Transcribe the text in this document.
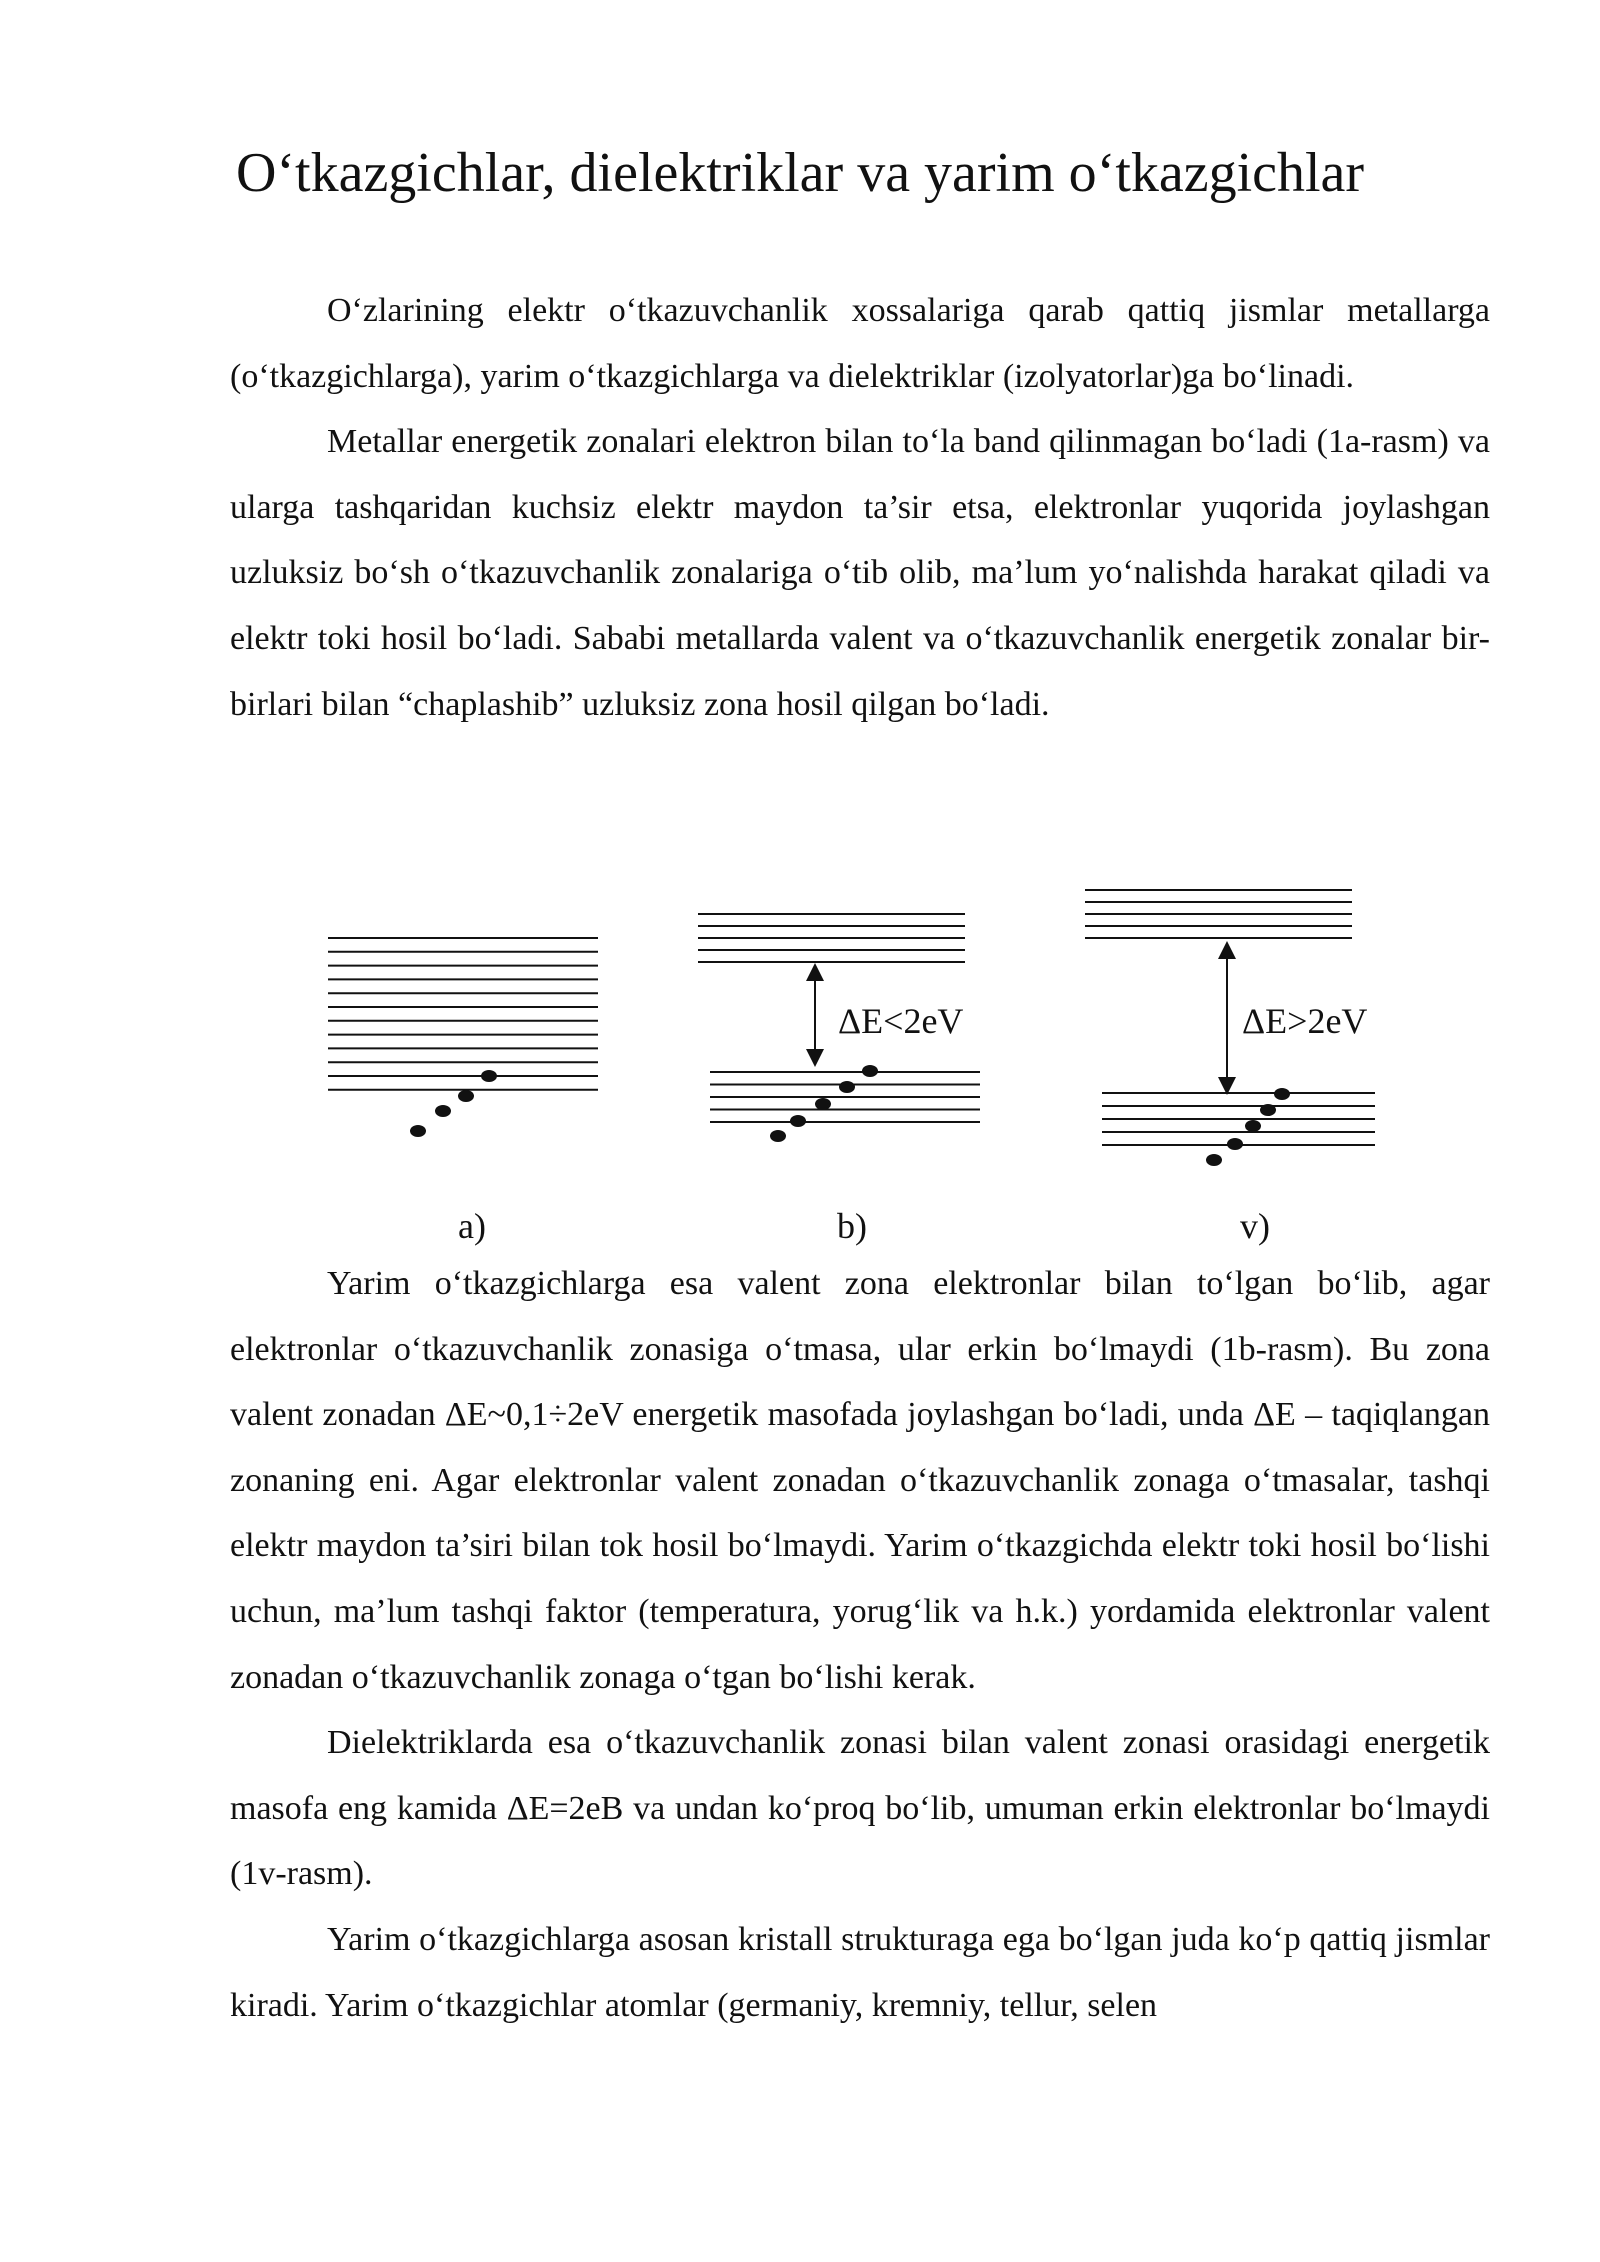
O‘tkazgichlar, dielektriklar va yarim o‘tkazgichlar

O‘zlarining elektr o‘tkazuvchanlik xossalariga qarab qattiq jismlar metallarga (o‘tkazgichlarga), yarim o‘tkazgichlarga va dielektriklar (izolyatorlar)ga bo‘linadi.

Metallar energetik zonalari elektron bilan to‘la band qilinmagan bo‘ladi (1a-rasm) va ularga tashqaridan kuchsiz elektr maydon ta’sir etsa, elektronlar yuqorida joylashgan uzluksiz bo‘sh o‘tkazuvchanlik zonalariga o‘tib olib, ma’lum yo‘nalishda harakat qiladi va elektr toki hosil bo‘ladi. Sababi metallarda valent va o‘tkazuvchanlik energetik zonalar bir-birlari bilan “chaplashib” uzluksiz zona hosil qilgan bo‘ladi.

ΔE<2eV	ΔE>2eV
a)	b)	v)

Yarim o‘tkazgichlarga esa valent zona elektronlar bilan to‘lgan bo‘lib, agar elektronlar o‘tkazuvchanlik zonasiga o‘tmasa, ular erkin bo‘lmaydi (1b-rasm). Bu zona valent zonadan ΔE~0,1÷2eV energetik masofada joylashgan bo‘ladi, unda ΔE – taqiqlangan zonaning eni. Agar elektronlar valent zonadan o‘tkazuvchanlik zonaga o‘tmasalar, tashqi elektr maydon ta’siri bilan tok hosil bo‘lmaydi. Yarim o‘tkazgichda elektr toki hosil bo‘lishi uchun, ma’lum tashqi faktor (temperatura, yorug‘lik va h.k.) yordamida elektronlar valent zonadan o‘tkazuvchanlik zonaga o‘tgan bo‘lishi kerak.

Dielektriklarda esa o‘tkazuvchanlik zonasi bilan valent zonasi orasidagi energetik masofa eng kamida ΔE=2eB va undan ko‘proq bo‘lib, umuman erkin elektronlar bo‘lmaydi (1v-rasm).

Yarim o‘tkazgichlarga asosan kristall strukturaga ega bo‘lgan juda ko‘p qattiq jismlar kiradi. Yarim o‘tkazgichlar atomlar (germaniy, kremniy, tellur, selen
